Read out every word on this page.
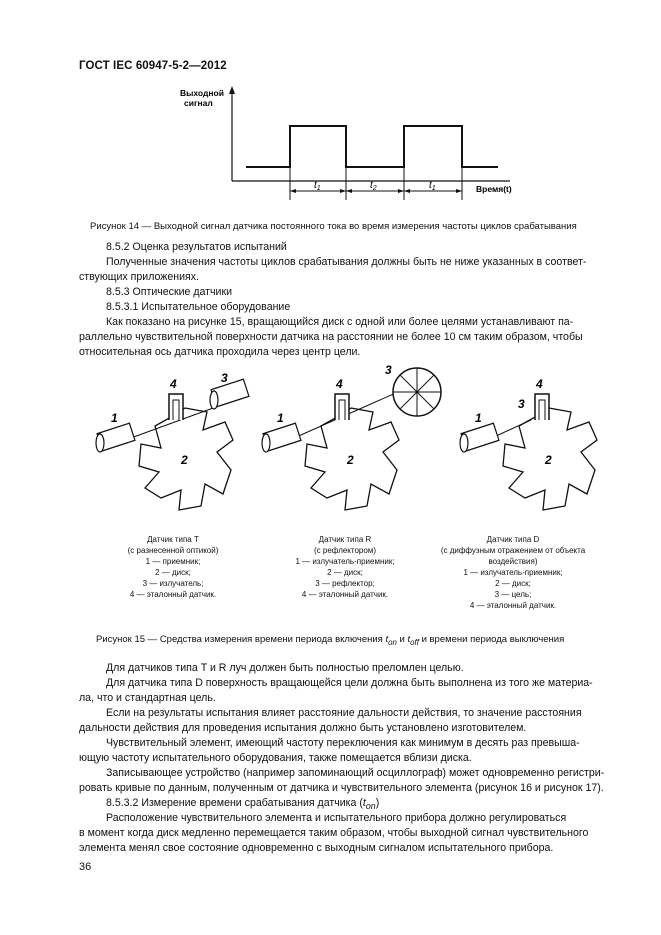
ГОСТ IEC 60947-5-2—2012
Выходной
сигнал
$t_1$	$t_2$	$t_1$	Время(t)
Рисунок 14 — Выходной сигнал датчика постоянного тока во время измерения частоты циклов срабатывания
8.5.2 Оценка результатов испытаний
Полученные значения частоты циклов срабатывания должны быть не ниже указанных в соответ-
ствующих приложениях.
8.5.3 Оптические датчики
8.5.3.1 Испытательное оборудование
Как показано на рисунке 15, вращающийся диск с одной или более целями устанавливают па-
раллельно чувствительной поверхности датчика на расстоянии не более 10 см таким образом, чтобы
относительная ось датчика проходила через центр цели.
4	3
1
2
4
3
1
2
4
3
1
2
Датчик типа T
(с разнесенной оптикой)
1 — приемник;
2 — диск;
3 — излучатель;
4 — эталонный датчик.
Датчик типа R
(с рефлектором)
1 — излучатель-приемник;
2 — диск;
3 — рефлектор;
4 — эталонный датчик.
Датчик типа D
(с диффузным отражением от объекта
воздействия)
1 — излучатель-приемник;
2 — диск;
3 — цель;
4 — эталонный датчик.
Рисунок 15 — Средства измерения времени периода включения $t_{on}$ и $t_{off}$ и времени периода выключения
Для датчиков типа T и R луч должен быть полностью преломлен целью.
Для датчика типа D поверхность вращающейся цели должна быть выполнена из того же материа-
ла, что и стандартная цель.
Если на результаты испытания влияет расстояние дальности действия, то значение расстояния
дальности действия для проведения испытания должно быть установлено изготовителем.
Чувствительный элемент, имеющий частоту переключения как минимум в десять раз превыша-
ющую частоту испытательного оборудования, также помещается вблизи диска.
Записывающее устройство (например запоминающий осциллограф) может одновременно регистри-
ровать кривые по данным, полученным от датчика и чувствительного элемента (рисунок 16 и рисунок 17).
8.5.3.2 Измерение времени срабатывания датчика $(t_{on})$
Расположение чувствительного элемента и испытательного прибора должно регулироваться
в момент когда диск медленно перемещается таким образом, чтобы выходной сигнал чувствительного
элемента менял свое состояние одновременно с выходным сигналом испытательного прибора.
36
